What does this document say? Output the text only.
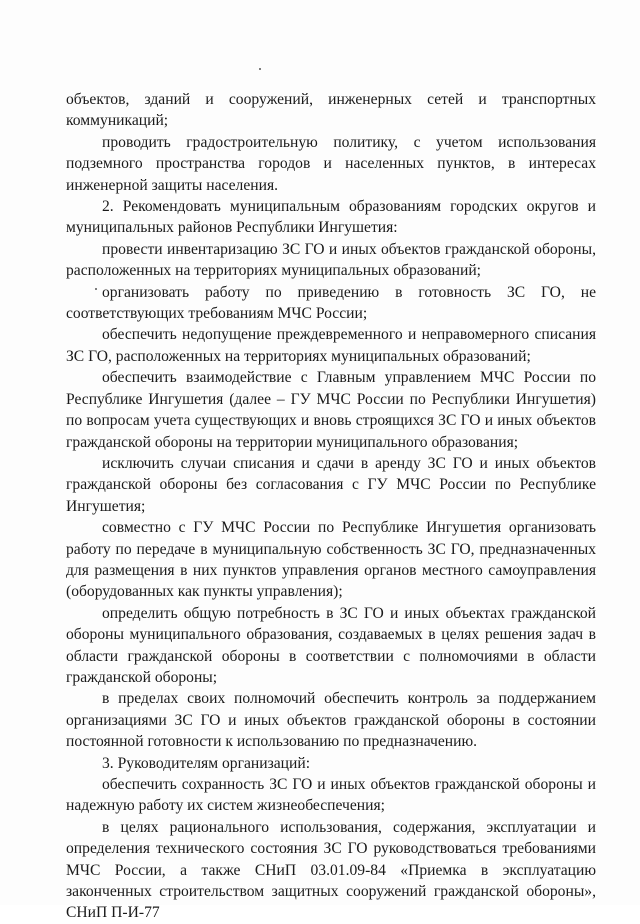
объектов, зданий и сооружений, инженерных сетей и транспортных коммуникаций;

проводить градостроительную политику, с учетом использования подземного пространства городов и населенных пунктов, в интересах инженерной защиты населения.

2. Рекомендовать муниципальным образованиям городских округов и муниципальных районов Республики Ингушетия:

провести инвентаризацию ЗС ГО и иных объектов гражданской обороны, расположенных на территориях муниципальных образований;

организовать работу по приведению в готовность ЗС ГО, не соответствующих требованиям МЧС России;

обеспечить недопущение преждевременного и неправомерного списания ЗС ГО, расположенных на территориях муниципальных образований;

обеспечить взаимодействие с Главным управлением МЧС России по Республике Ингушетия (далее – ГУ МЧС России по Республики Ингушетия) по вопросам учета существующих и вновь строящихся ЗС ГО и иных объектов гражданской обороны на территории муниципального образования;

исключить случаи списания и сдачи в аренду ЗС ГО и иных объектов гражданской обороны без согласования с ГУ МЧС России по Республике Ингушетия;

совместно с ГУ МЧС России по Республике Ингушетия организовать работу по передаче в муниципальную собственность ЗС ГО, предназначенных для размещения в них пунктов управления органов местного самоуправления (оборудованных как пункты управления);

определить общую потребность в ЗС ГО и иных объектах гражданской обороны муниципального образования, создаваемых в целях решения задач в области гражданской обороны в соответствии с полномочиями в области гражданской обороны;

в пределах своих полномочий обеспечить контроль за поддержанием организациями ЗС ГО и иных объектов гражданской обороны в состоянии постоянной готовности к использованию по предназначению.

3. Руководителям организаций:

обеспечить сохранность ЗС ГО и иных объектов гражданской обороны и надежную работу их систем жизнеобеспечения;

в целях рационального использования, содержания, эксплуатации и определения технического состояния ЗС ГО руководствоваться требованиями МЧС России, а также СНиП 03.01.09-84 «Приемка в эксплуатацию законченных строительством защитных сооружений гражданской обороны», СНиП П-И-77
